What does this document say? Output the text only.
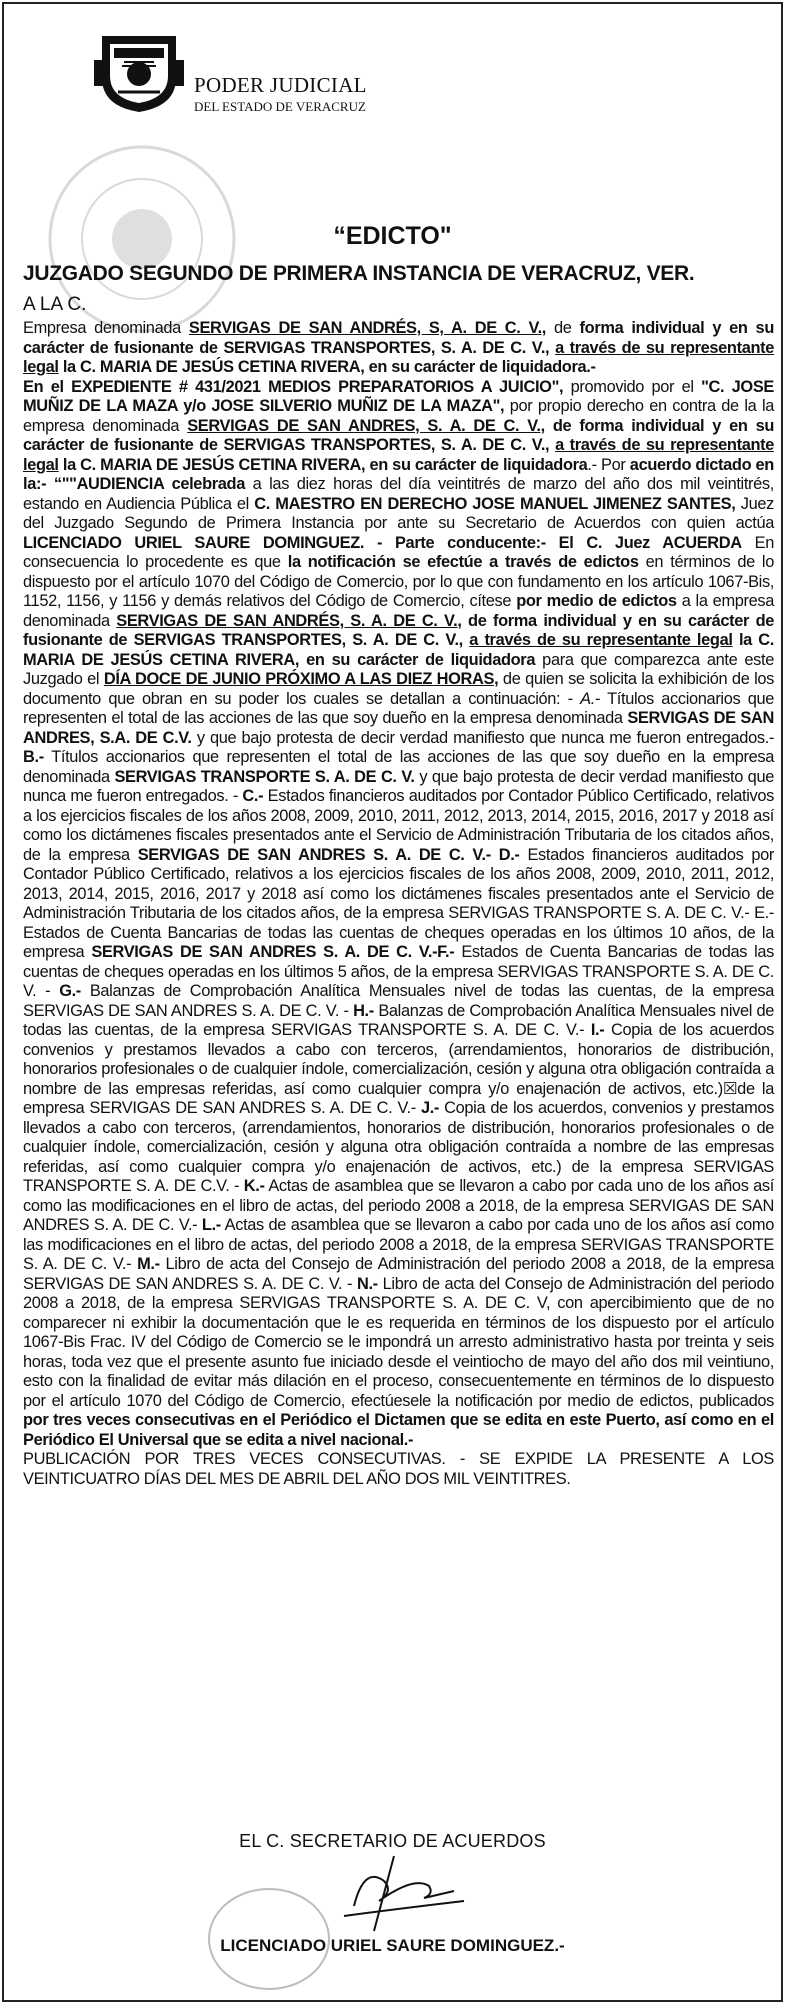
PODER JUDICIAL
DEL ESTADO DE VERACRUZ
“EDICTO"
JUZGADO SEGUNDO DE PRIMERA INSTANCIA DE VERACRUZ, VER.
A LA C.
Empresa denominada SERVIGAS DE SAN ANDRÉS, S, A. DE C. V., de forma individual y en su carácter de fusionante de SERVIGAS TRANSPORTES, S. A. DE C. V., a través de su representante legal la C. MARIA DE JESÚS CETINA RIVERA, en su carácter de liquidadora.-
En el EXPEDIENTE # 431/2021 MEDIOS PREPARATORIOS A JUICIO", promovido por el "C. JOSE MUÑIZ DE LA MAZA y/o JOSE SILVERIO MUÑIZ DE LA MAZA", por propio derecho en contra de la la empresa denominada SERVIGAS DE SAN ANDRES, S. A. DE C. V., de forma individual y en su carácter de fusionante de SERVIGAS TRANSPORTES, S. A. DE C. V., a través de su representante legal la C. MARIA DE JESÚS CETINA RIVERA, en su carácter de liquidadora.- Por acuerdo dictado en la:- “""AUDIENCIA celebrada a las diez horas del día veintitrés de marzo del año dos mil veintitrés, estando en Audiencia Pública el C. MAESTRO EN DERECHO JOSE MANUEL JIMENEZ SANTES, Juez del Juzgado Segundo de Primera Instancia por ante su Secretario de Acuerdos con quien actúa LICENCIADO URIEL SAURE DOMINGUEZ. - Parte conducente:- El C. Juez ACUERDA En consecuencia lo procedente es que la notificación se efectúe a través de edictos en términos de lo dispuesto por el artículo 1070 del Código de Comercio, por lo que con fundamento en los artículo 1067-Bis, 1152, 1156, y 1156 y demás relativos del Código de Comercio, cítese por medio de edictos a la empresa denominada SERVIGAS DE SAN ANDRÉS, S. A. DE C. V., de forma individual y en su carácter de fusionante de SERVIGAS TRANSPORTES, S. A. DE C. V., a través de su representante legal la C. MARIA DE JESÚS CETINA RIVERA, en su carácter de liquidadora para que comparezca ante este Juzgado el DÍA DOCE DE JUNIO PRÓXIMO A LAS DIEZ HORAS, de quien se solicita la exhibición de los documento que obran en su poder los cuales se detallan a continuación: - A.- Títulos accionarios que representen el total de las acciones de las que soy dueño en la empresa denominada SERVIGAS DE SAN ANDRES, S.A. DE C.V. y que bajo protesta de decir verdad manifiesto que nunca me fueron entregados.- B.- Títulos accionarios que representen el total de las acciones de las que soy dueño en la empresa denominada SERVIGAS TRANSPORTE S. A. DE C. V. y que bajo protesta de decir verdad manifiesto que nunca me fueron entregados. - C.- Estados financieros auditados por Contador Público Certificado, relativos a los ejercicios fiscales de los años 2008, 2009, 2010, 2011, 2012, 2013, 2014, 2015, 2016, 2017 y 2018 así como los dictámenes fiscales presentados ante el Servicio de Administración Tributaria de los citados años, de la empresa SERVIGAS DE SAN ANDRES S. A. DE C. V.- D.- Estados financieros auditados por Contador Público Certificado, relativos a los ejercicios fiscales de los años 2008, 2009, 2010, 2011, 2012, 2013, 2014, 2015, 2016, 2017 y 2018 así como los dictámenes fiscales presentados ante el Servicio de Administración Tributaria de los citados años, de la empresa SERVIGAS TRANSPORTE S. A. DE C. V.- E.- Estados de Cuenta Bancarias de todas las cuentas de cheques operadas en los últimos 10 años, de la empresa SERVIGAS DE SAN ANDRES S. A. DE C. V.-F.- Estados de Cuenta Bancarias de todas las cuentas de cheques operadas en los últimos 5 años, de la empresa SERVIGAS TRANSPORTE S. A. DE C. V. - G.- Balanzas de Comprobación Analítica Mensuales nivel de todas las cuentas, de la empresa SERVIGAS DE SAN ANDRES S. A. DE C. V. - H.- Balanzas de Comprobación Analítica Mensuales nivel de todas las cuentas, de la empresa SERVIGAS TRANSPORTE S. A. DE C. V.- I.- Copia de los acuerdos convenios y prestamos llevados a cabo con terceros, (arrendamientos, honorarios de distribución, honorarios profesionales o de cualquier índole, comercialización, cesión y alguna otra obligación contraída a nombre de las empresas referidas, así como cualquier compra y/o enajenación de activos, etc.)☒de la empresa SERVIGAS DE SAN ANDRES S. A. DE C. V.- J.- Copia de los acuerdos, convenios y prestamos llevados a cabo con terceros, (arrendamientos, honorarios de distribución, honorarios profesionales o de cualquier índole, comercialización, cesión y alguna otra obligación contraída a nombre de las empresas referidas, así como cualquier compra y/o enajenación de activos, etc.) de la empresa SERVIGAS TRANSPORTE S. A. DE C.V. - K.- Actas de asamblea que se llevaron a cabo por cada uno de los años así como las modificaciones en el libro de actas, del periodo 2008 a 2018, de la empresa SERVIGAS DE SAN ANDRES S. A. DE C. V.- L.- Actas de asamblea que se llevaron a cabo por cada uno de los años así como las modificaciones en el libro de actas, del periodo 2008 a 2018, de la empresa SERVIGAS TRANSPORTE S. A. DE C. V.- M.- Libro de acta del Consejo de Administración del periodo 2008 a 2018, de la empresa SERVIGAS DE SAN ANDRES S. A. DE C. V. - N.- Libro de acta del Consejo de Administración del periodo 2008 a 2018, de la empresa SERVIGAS TRANSPORTE S. A. DE C. V, con apercibimiento que de no comparecer ni exhibir la documentación que le es requerida en términos de los dispuesto por el artículo 1067-Bis Frac. IV del Código de Comercio se le impondrá un arresto administrativo hasta por treinta y seis horas, toda vez que el presente asunto fue iniciado desde el veintiocho de mayo del año dos mil veintiuno, esto con la finalidad de evitar más dilación en el proceso, consecuentemente en términos de lo dispuesto por el artículo 1070 del Código de Comercio, efectúesele la notificación por medio de edictos, publicados por tres veces consecutivas en el Periódico el Dictamen que se edita en este Puerto, así como en el Periódico El Universal que se edita a nivel nacional.-
PUBLICACIÓN POR TRES VECES CONSECUTIVAS. - SE EXPIDE LA PRESENTE A LOS VEINTICUATRO DÍAS DEL MES DE ABRIL DEL AÑO DOS MIL VEINTITRES.
EL C. SECRETARIO DE ACUERDOS
LICENCIADO URIEL SAURE DOMINGUEZ.-
